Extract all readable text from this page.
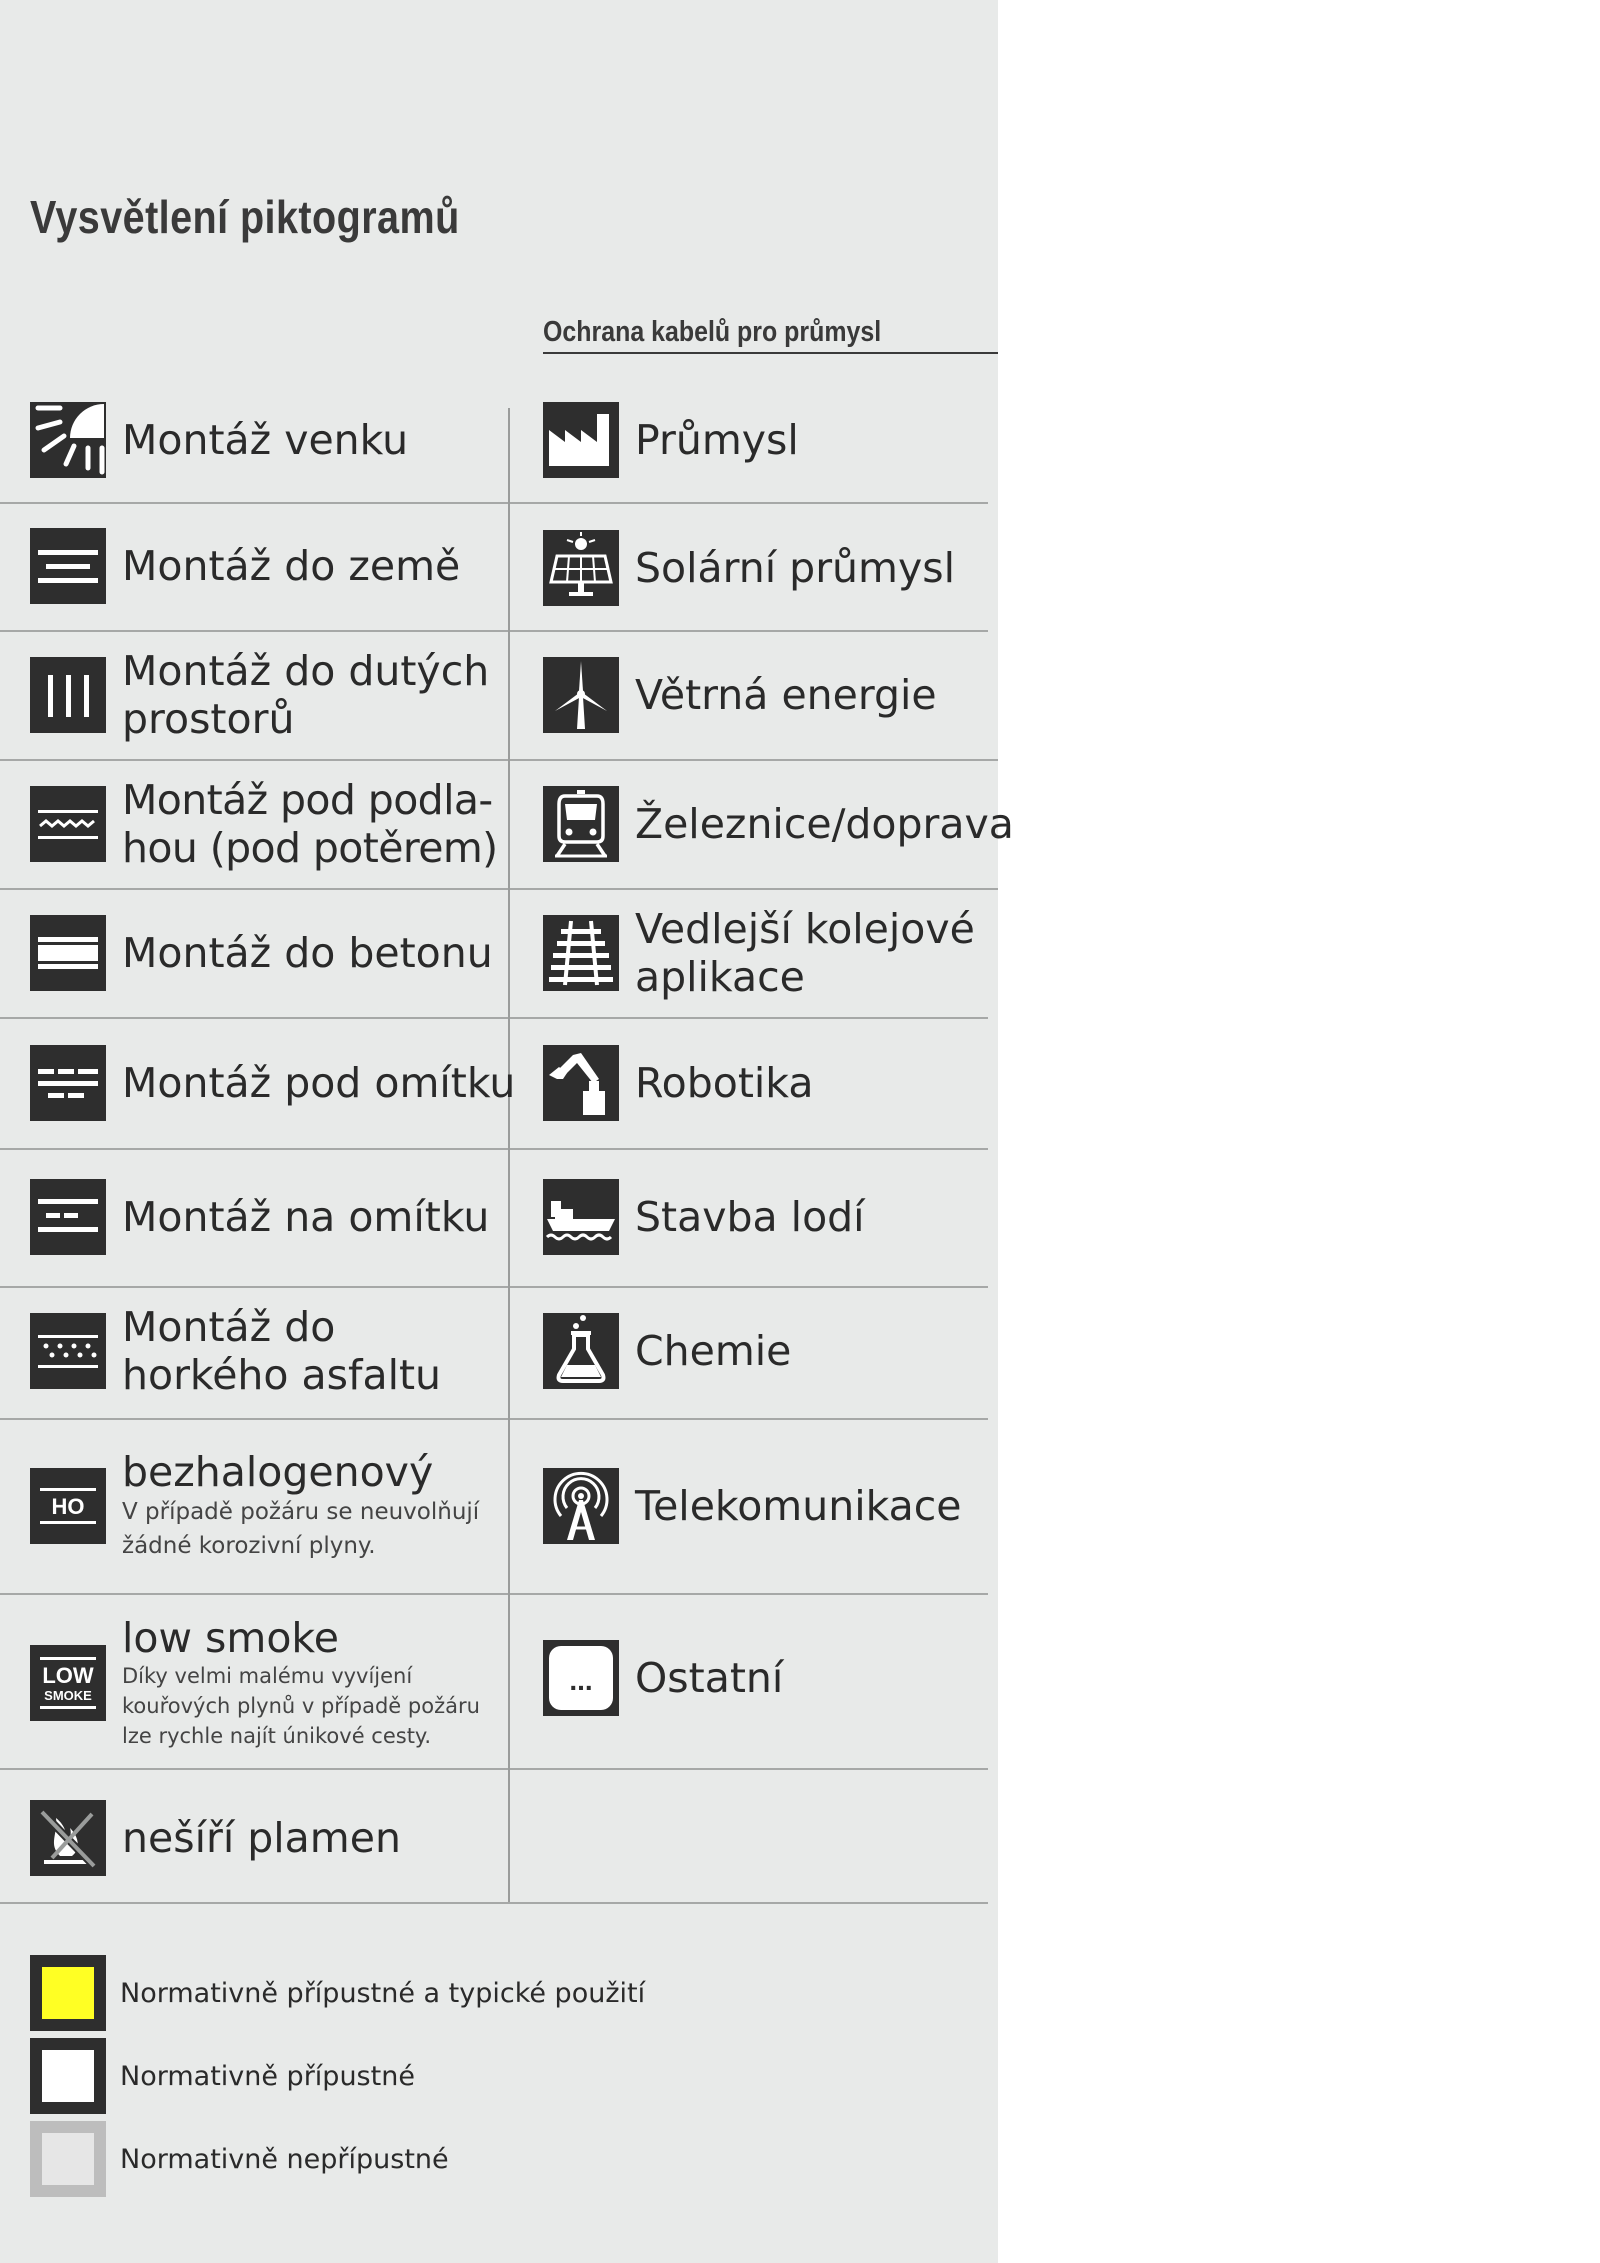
Vysvětlení piktogramů
Ochrana kabelů pro průmysl
Montáž venku
Montáž do země
Montáž do dutých
prostorů
Montáž pod podla-
hou (pod potěrem)
Montáž do betonu
Montáž pod omítku
Montáž na omítku
Montáž do
horkého asfaltu
HO
bezhalogenový
V případě požáru se neuvolňují
žádné korozivní plyny.
LOW
SMOKE
low smoke
Díky velmi malému vyvíjení
kouřových plynů v případě požáru
lze rychle najít únikové cesty.
nešíří plamen
Průmysl
Solární průmysl
Větrná energie
Železnice/doprava
Vedlejší kolejové
aplikace
Robotika
Stavba lodí
Chemie
Telekomunikace
... Ostatní
Normativně přípustné a typické použití
Normativně přípustné
Normativně nepřípustné
